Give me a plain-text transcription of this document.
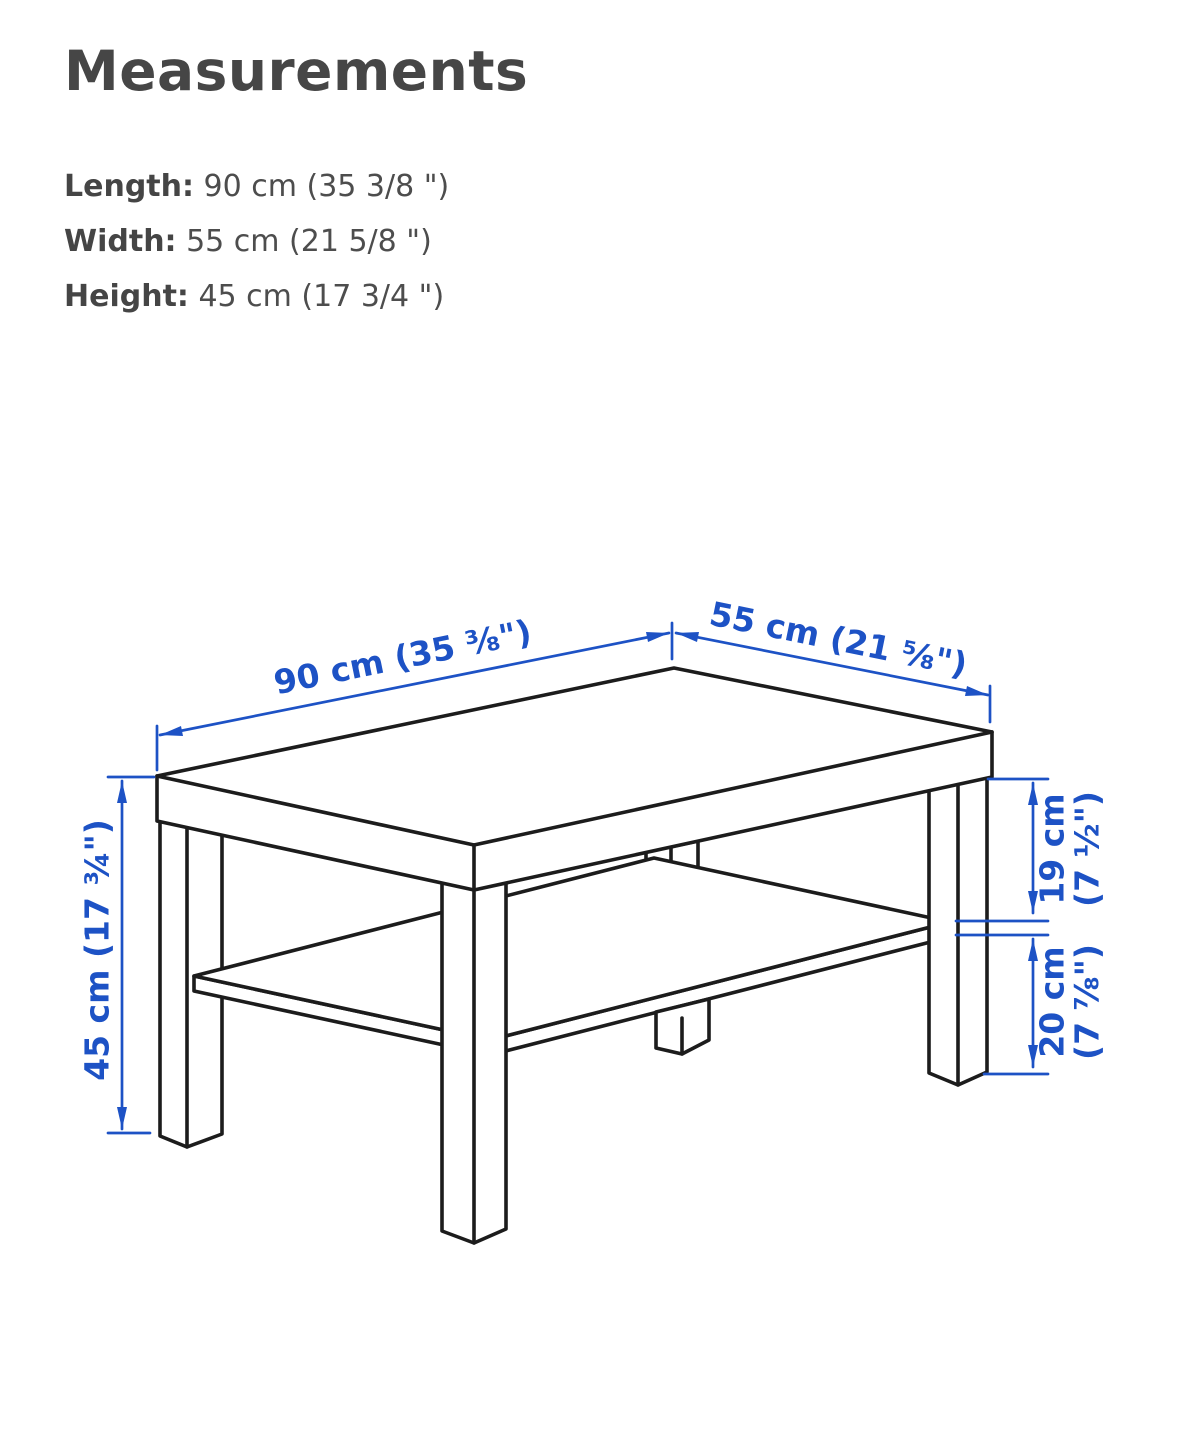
Measurements
Length: 90 cm (35 3/8 ")
Width: 55 cm (21 5/8 ")
Height: 45 cm (17 3/4 ")
90 cm (35 ⅜")	55 cm (21 ⅝")
45 cm (17 ¾")	19 cm
(7 ½")
20 cm
(7 ⅞")
